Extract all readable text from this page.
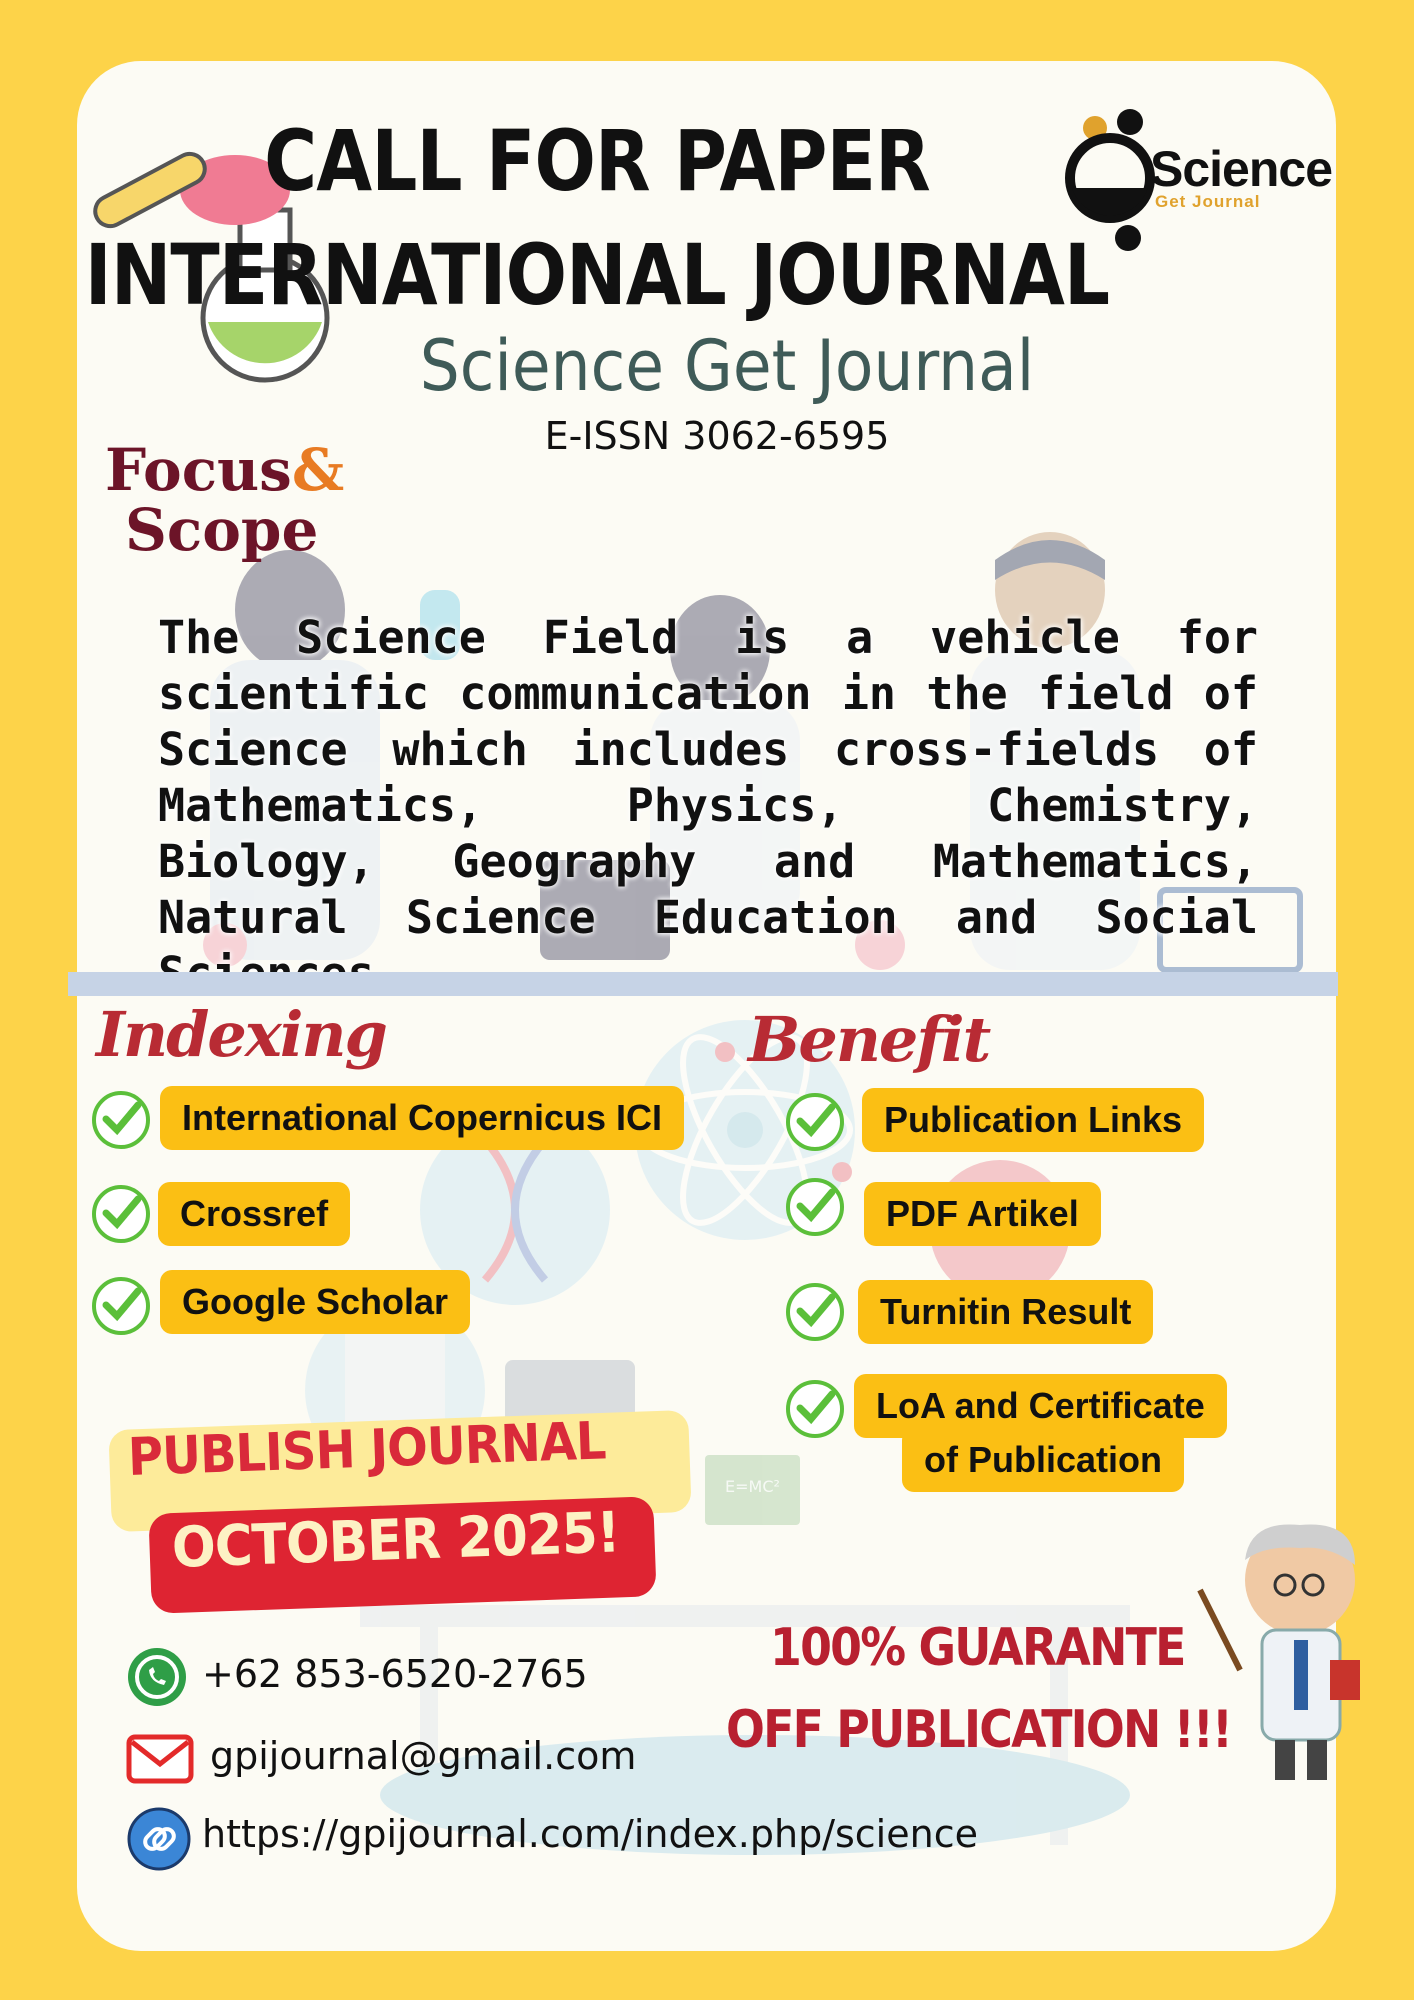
E=MC²
CALL FOR PAPER
INTERNATIONAL JOURNAL
Science Get Journal
E-ISSN 3062-6595
Science
Get Journal
Focus&
Scope
The Science Field is a vehicle for scientific communication in the field of Science which includes cross-fields of Mathematics, Physics, Chemistry, Biology, Geography and Mathematics, Natural Science Education and Social
Indexing
International Copernicus ICI
Crossref
Google Scholar
Benefit
Publication Links
PDF Artikel
Turnitin Result
LoA and Certificate
of Publication
PUBLISH JOURNAL
OCTOBER 2025!
100% GUARANTE
OFF PUBLICATION !!!
+62 853-6520-2765
gpijournal@gmail.com
https://gpijournal.com/index.php/science
